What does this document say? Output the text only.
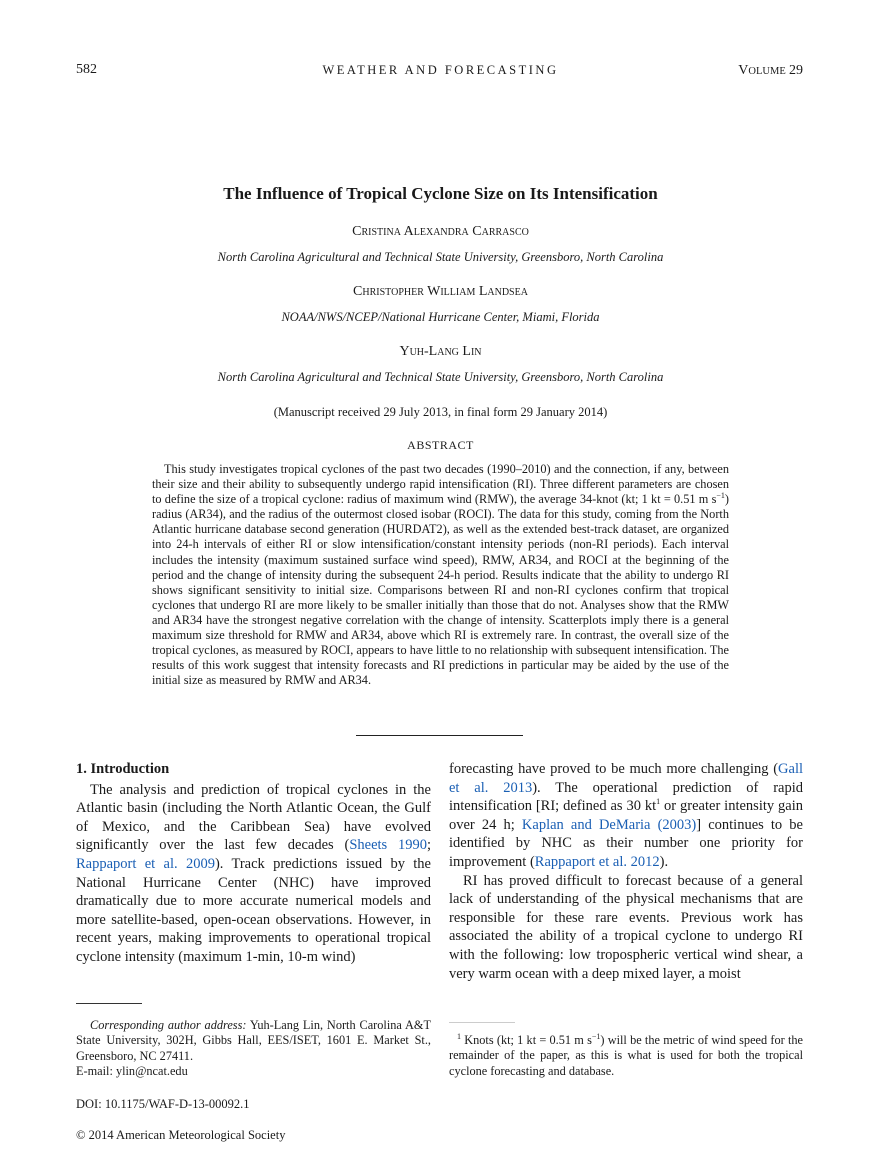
582	WEATHER AND FORECASTING	VOLUME 29
The Influence of Tropical Cyclone Size on Its Intensification
Cristina Alexandra Carrasco
North Carolina Agricultural and Technical State University, Greensboro, North Carolina
Christopher William Landsea
NOAA/NWS/NCEP/National Hurricane Center, Miami, Florida
Yuh-Lang Lin
North Carolina Agricultural and Technical State University, Greensboro, North Carolina
(Manuscript received 29 July 2013, in final form 29 January 2014)
ABSTRACT
This study investigates tropical cyclones of the past two decades (1990–2010) and the connection, if any, between their size and their ability to subsequently undergo rapid intensification (RI). Three different parameters are chosen to define the size of a tropical cyclone: radius of maximum wind (RMW), the average 34-knot (kt; 1 kt = 0.51 m $s^{-1}$) radius (AR34), and the radius of the outermost closed isobar (ROCI). The data for this study, coming from the North Atlantic hurricane database second generation (HURDAT2), as well as the extended best-track dataset, are organized into 24-h intervals of either RI or slow intensification/constant intensity periods (non-RI periods). Each interval includes the intensity (maximum sustained surface wind speed), RMW, AR34, and ROCI at the beginning of the period and the change of intensity during the subsequent 24-h period. Results indicate that the ability to undergo RI shows significant sensitivity to initial size. Comparisons between RI and non-RI cyclones confirm that tropical cyclones that undergo RI are more likely to be smaller initially than those that do not. Analyses show that the RMW and AR34 have the strongest negative correlation with the change of intensity. Scatterplots imply there is a general maximum size threshold for RMW and AR34, above which RI is extremely rare. In contrast, the overall size of the tropical cyclones, as measured by ROCI, appears to have little to no relationship with subsequent intensification. The results of this work suggest that intensity forecasts and RI predictions in particular may be aided by the use of the initial size as measured by RMW and AR34.
1. Introduction

The analysis and prediction of tropical cyclones in the Atlantic basin (including the North Atlantic Ocean, the Gulf of Mexico, and the Caribbean Sea) have evolved significantly over the last few decades (Sheets 1990; Rappaport et al. 2009). Track predictions issued by the National Hurricane Center (NHC) have improved dramatically due to more accurate numerical models and more satellite-based, open-ocean observations. However, in recent years, making improvements to operational tropical cyclone intensity (maximum 1-min, 10-m wind)

forecasting have proved to be much more challenging (Gall et al. 2013). The operational prediction of rapid intensification [RI; defined as 30 $kt^1$ or greater intensity gain over 24 h; Kaplan and DeMaria (2003)] continues to be identified by NHC as their number one priority for improvement (Rappaport et al. 2012).

RI has proved difficult to forecast because of a general lack of understanding of the physical mechanisms that are responsible for these rare events. Previous work has associated the ability of a tropical cyclone to undergo RI with the following: low tropospheric vertical wind shear, a very warm ocean with a deep mixed layer, a moist

Corresponding author address: Yuh-Lang Lin, North Carolina A&T State University, 302H, Gibbs Hall, EES/ISET, 1601 E. Market St., Greensboro, NC 27411.
E-mail: ylin@ncat.edu
$^1$ Knots (kt; 1 kt = 0.51 m $s^{-1}$) will be the metric of wind speed for the remainder of the paper, as this is what is used for both the tropical cyclone forecasting and database.
DOI: 10.1175/WAF-D-13-00092.1
© 2014 American Meteorological Society
